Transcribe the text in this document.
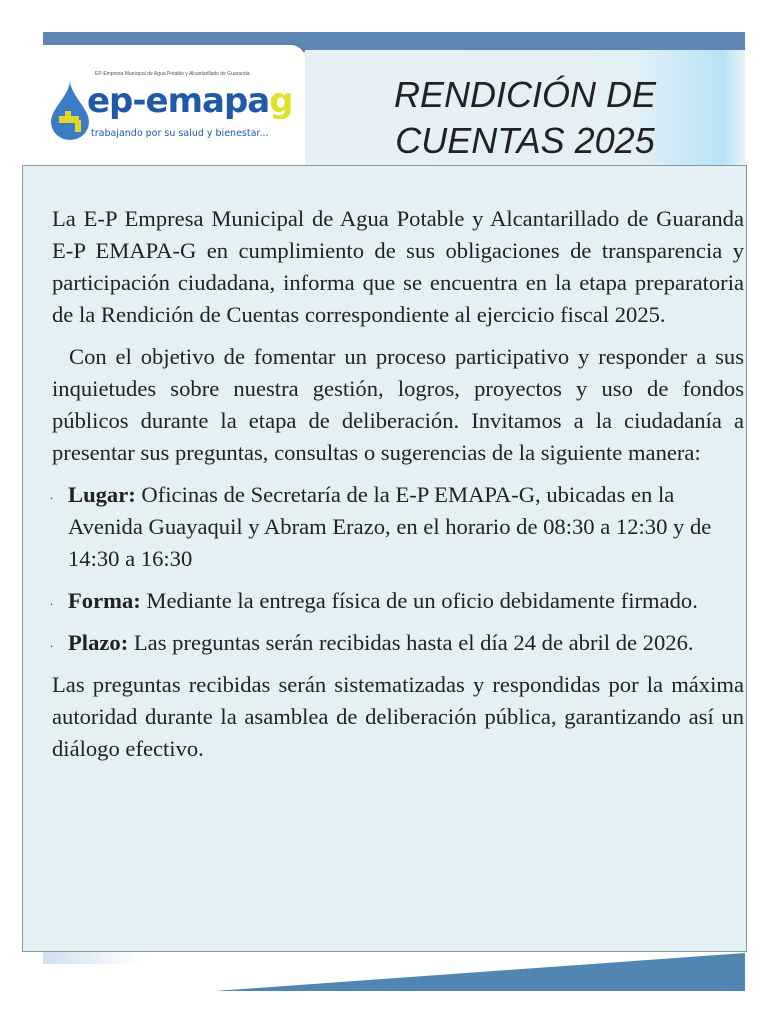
EP-Empresa Municipal de Agua Potable y Alcantarillado de Guaranda
ep-emapag
trabajando por su salud y bienestar...
RENDICIÓN DE CUENTAS 2025

La E-P Empresa Municipal de Agua Potable y Alcantarillado de Guaranda E-P EMAPA-G en cumplimiento de sus obligaciones de transparencia y participación ciudadana, informa que se encuentra en la etapa preparatoria de la Rendición de Cuentas correspondiente al ejercicio fiscal 2025.

Con el objetivo de fomentar un proceso participativo y responder a sus inquietudes sobre nuestra gestión, logros, proyectos y uso de fondos públicos durante la etapa de deliberación. Invitamos a la ciudadanía a presentar sus preguntas, consultas o sugerencias de la siguiente manera:

. Lugar: Oficinas de Secretaría de la E-P EMAPA-G, ubicadas en la Avenida Guayaquil y Abram Erazo, en el horario de 08:30 a 12:30 y de 14:30 a 16:30
. Forma: Mediante la entrega física de un oficio debidamente firmado.
. Plazo: Las preguntas serán recibidas hasta el día 24 de abril de 2026.

Las preguntas recibidas serán sistematizadas y respondidas por la máxima autoridad durante la asamblea de deliberación pública, garantizando así un diálogo efectivo.
